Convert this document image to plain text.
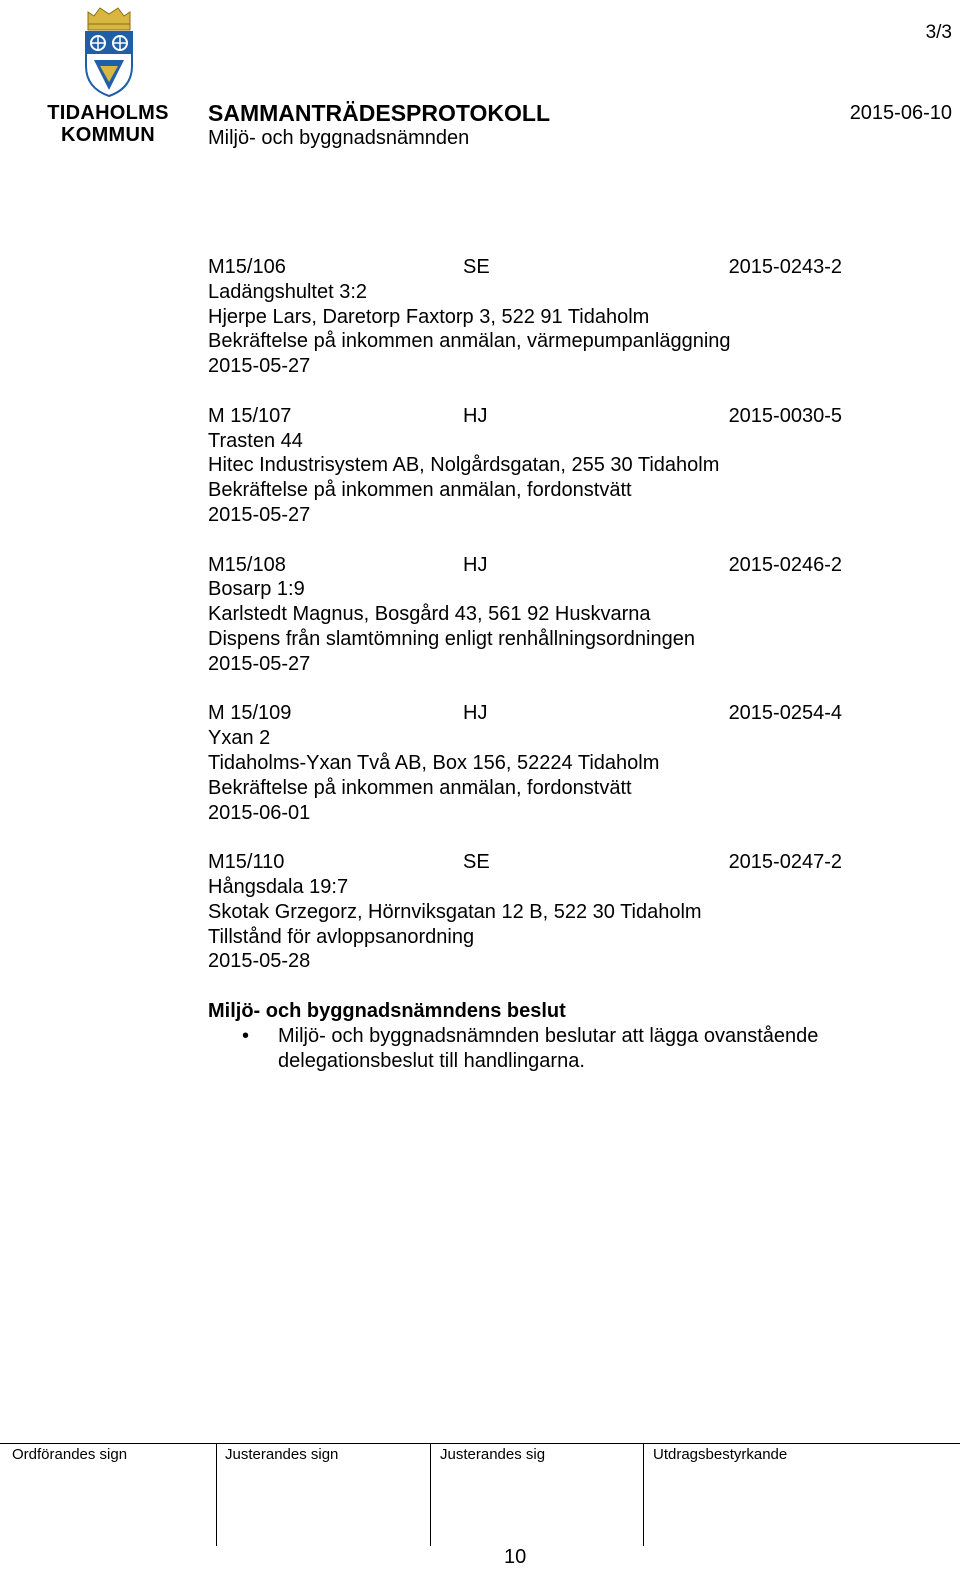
3/3
TIDAHOLMS
KOMMUN
SAMMANTRÄDESPROTOKOLL
Miljö- och byggnadsnämnden
2015-06-10
M15/106	SE	2015-0243-2
Ladängshultet 3:2
Hjerpe Lars, Daretorp Faxtorp 3, 522 91 Tidaholm
Bekräftelse på inkommen anmälan, värmepumpanläggning
2015-05-27
M 15/107	HJ	2015-0030-5
Trasten 44
Hitec Industrisystem AB, Nolgårdsgatan, 255 30 Tidaholm
Bekräftelse på inkommen anmälan, fordonstvätt
2015-05-27
M15/108	HJ	2015-0246-2
Bosarp 1:9
Karlstedt Magnus, Bosgård 43, 561 92 Huskvarna
Dispens från slamtömning enligt renhållningsordningen
2015-05-27
M 15/109	HJ	2015-0254-4
Yxan 2
Tidaholms-Yxan Två AB, Box 156, 52224 Tidaholm
Bekräftelse på inkommen anmälan, fordonstvätt
2015-06-01
M15/110	SE	2015-0247-2
Hångsdala 19:7
Skotak Grzegorz, Hörnviksgatan 12 B, 522 30 Tidaholm
Tillstånd för avloppsanordning
2015-05-28
Miljö- och byggnadsnämndens beslut
• Miljö- och byggnadsnämnden beslutar att lägga ovanstående
delegationsbeslut till handlingarna.
Ordförandes sign	Justerandes sign	Justerandes sig	Utdragsbestyrkande
10
